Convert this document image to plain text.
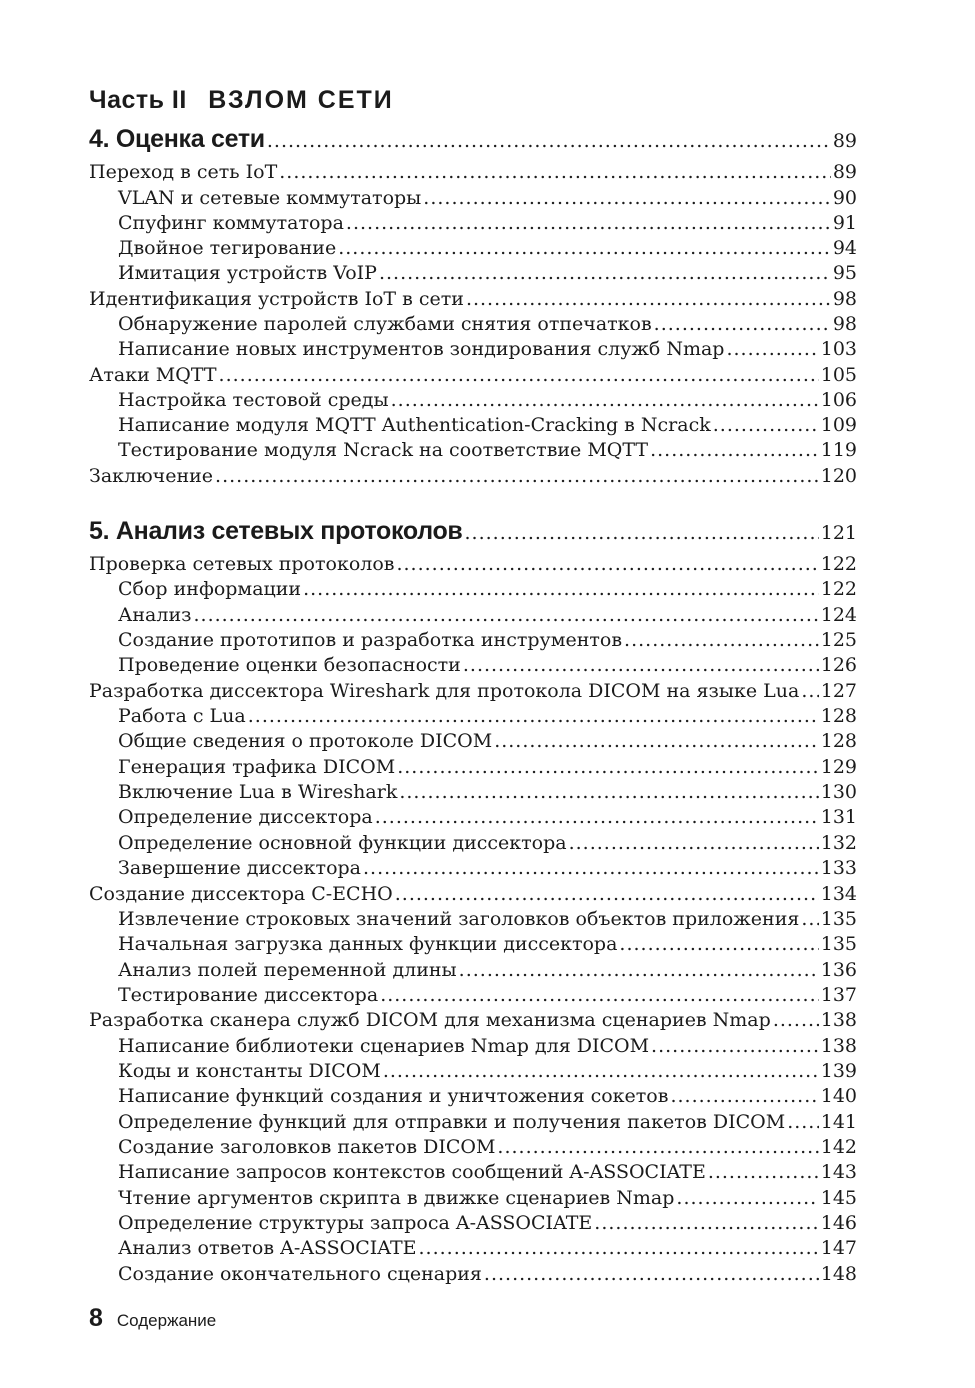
Часть II ВЗЛОМ СЕТИ
4. Оценка сети .....	89
Переход в сеть IoT .....	89
VLAN и сетевые коммутаторы .....	90
Спуфинг коммутатора .....	91
Двойное тегирование .....	94
Имитация устройств VoIP .....	95
Идентификация устройств IoT в сети .....	98
Обнаружение паролей службами снятия отпечатков .....	98
Написание новых инструментов зондирования служб Nmap .....	103
Атаки MQTT .....	105
Настройка тестовой среды .....	106
Написание модуля MQTT Authentication-Cracking в Ncrack .....	109
Тестирование модуля Ncrack на соответствие MQTT .....	119
Заключение .....	120
5. Анализ сетевых протоколов .....	121
Проверка сетевых протоколов .....	122
Сбор информации .....	122
Анализ .....	124
Создание прототипов и разработка инструментов .....	125
Проведение оценки безопасности .....	126
Разработка диссектора Wireshark для протокола DICOM на языке Lua ..... 127
Работа с Lua .....	128
Общие сведения о протоколе DICOM .....	128
Генерация трафика DICOM .....	129
Включение Lua в Wireshark .....	130
Определение диссектора .....	131
Определение основной функции диссектора .....	132
Завершение диссектора .....	133
Создание диссектора C-ECHO .....	134
Извлечение строковых значений заголовков объектов приложения ..... 135
Начальная загрузка данных функции диссектора .....	135
Анализ полей переменной длины .....	136
Тестирование диссектора .....	137
Разработка сканера служб DICOM для механизма сценариев Nmap .....	138
Написание библиотеки сценариев Nmap для DICOM .....	138
Коды и константы DICOM .....	139
Написание функций создания и уничтожения сокетов .....	140
Определение функций для отправки и получения пакетов DICOM ..... 141
Создание заголовков пакетов DICOM .....	142
Написание запросов контекстов сообщений A-ASSOCIATE .....	143
Чтение аргументов скрипта в движке сценариев Nmap .....	145
Определение структуры запроса A-ASSOCIATE .....	146
Анализ ответов A-ASSOCIATE .....	147
Создание окончательного сценария .....	148
8 Содержание
